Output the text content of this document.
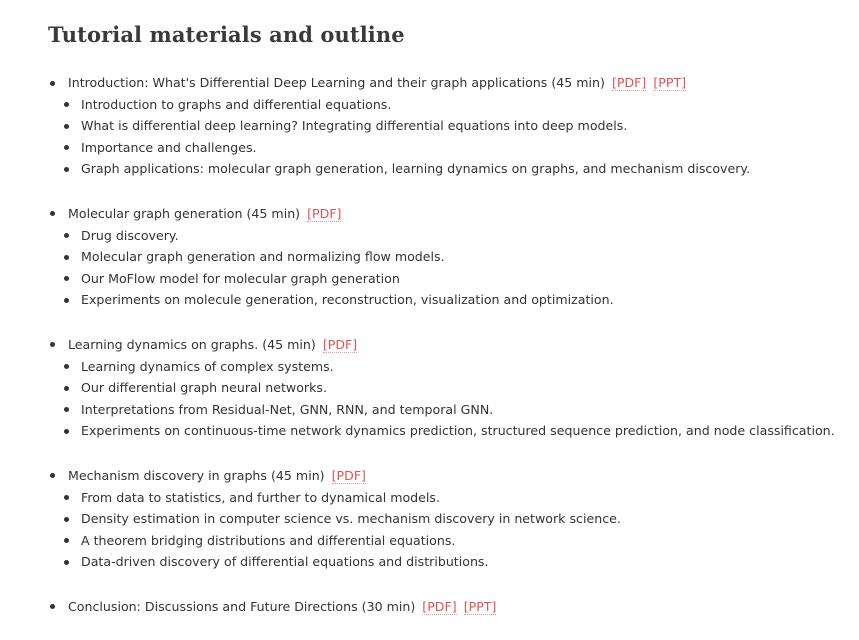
Tutorial materials and outline
Introduction: What's Differential Deep Learning and their graph applications (45 min) [PDF] [PPT]
Introduction to graphs and differential equations.
What is differential deep learning? Integrating differential equations into deep models.
Importance and challenges.
Graph applications: molecular graph generation, learning dynamics on graphs, and mechanism discovery.
Molecular graph generation (45 min) [PDF]
Drug discovery.
Molecular graph generation and normalizing flow models.
Our MoFlow model for molecular graph generation
Experiments on molecule generation, reconstruction, visualization and optimization.
Learning dynamics on graphs. (45 min) [PDF]
Learning dynamics of complex systems.
Our differential graph neural networks.
Interpretations from Residual-Net, GNN, RNN, and temporal GNN.
Experiments on continuous-time network dynamics prediction, structured sequence prediction, and node classification.
Mechanism discovery in graphs (45 min) [PDF]
From data to statistics, and further to dynamical models.
Density estimation in computer science vs. mechanism discovery in network science.
A theorem bridging distributions and differential equations.
Data-driven discovery of differential equations and distributions.
Conclusion: Discussions and Future Directions (30 min) [PDF] [PPT]
